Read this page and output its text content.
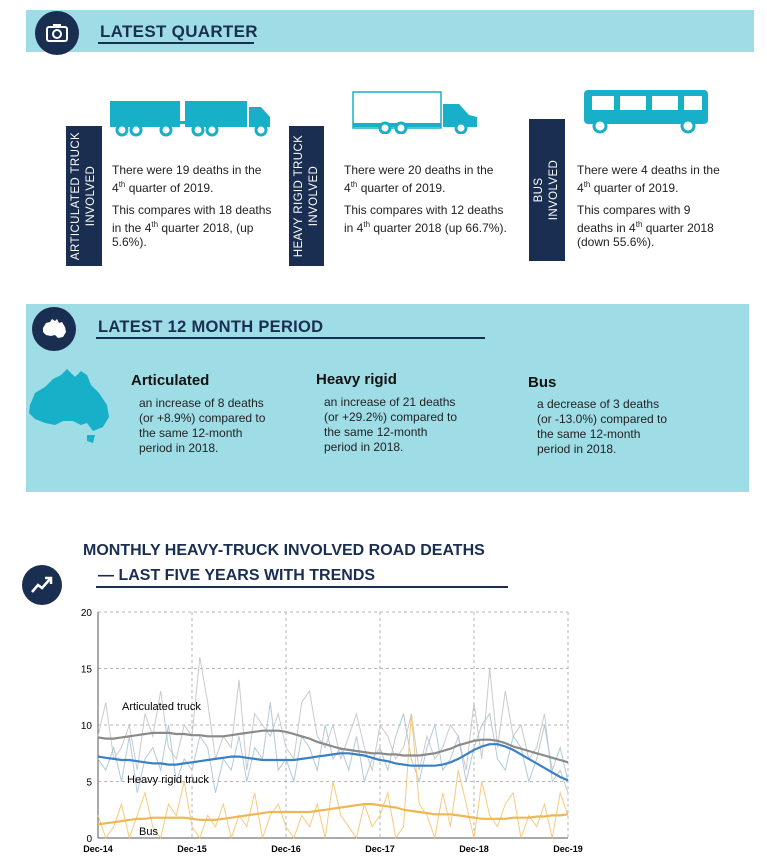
LATEST QUARTER
ARTICULATED TRUCK INVOLVED There were 19 deaths in the
4th quarter of 2019.

This compares with 18 deaths
in the 4th quarter 2018, (up
5.6%).	HEAVY RIGID TRUCK INVOLVED There were 20 deaths in the
4th quarter of 2019.

This compares with 12 deaths
in 4th quarter 2018 (up 66.7%).

BUS INVOLVED There were 4 deaths in the
4th quarter of 2019.

This compares with 9
deaths in 4th quarter 2018
(down 55.6%).

LATEST 12 MONTH PERIOD
Articulated
an increase of 8 deaths
(or +8.9%) compared to
the same 12-month
period in 2018.
Heavy rigid
an increase of 21 deaths
(or +29.2%) compared to
the same 12-month
period in 2018.
Bus
a decrease of 3 deaths
(or -13.0%) compared to
the same 12-month
period in 2018.
MONTHLY HEAVY-TRUCK INVOLVED ROAD DEATHS
— LAST FIVE YEARS WITH TRENDS
0
5
10
15
20
Dec-14	Dec-15	Dec-16	Dec-17	Dec-18	Dec-19
Articulated truck
Heavy rigid truck
Bus
